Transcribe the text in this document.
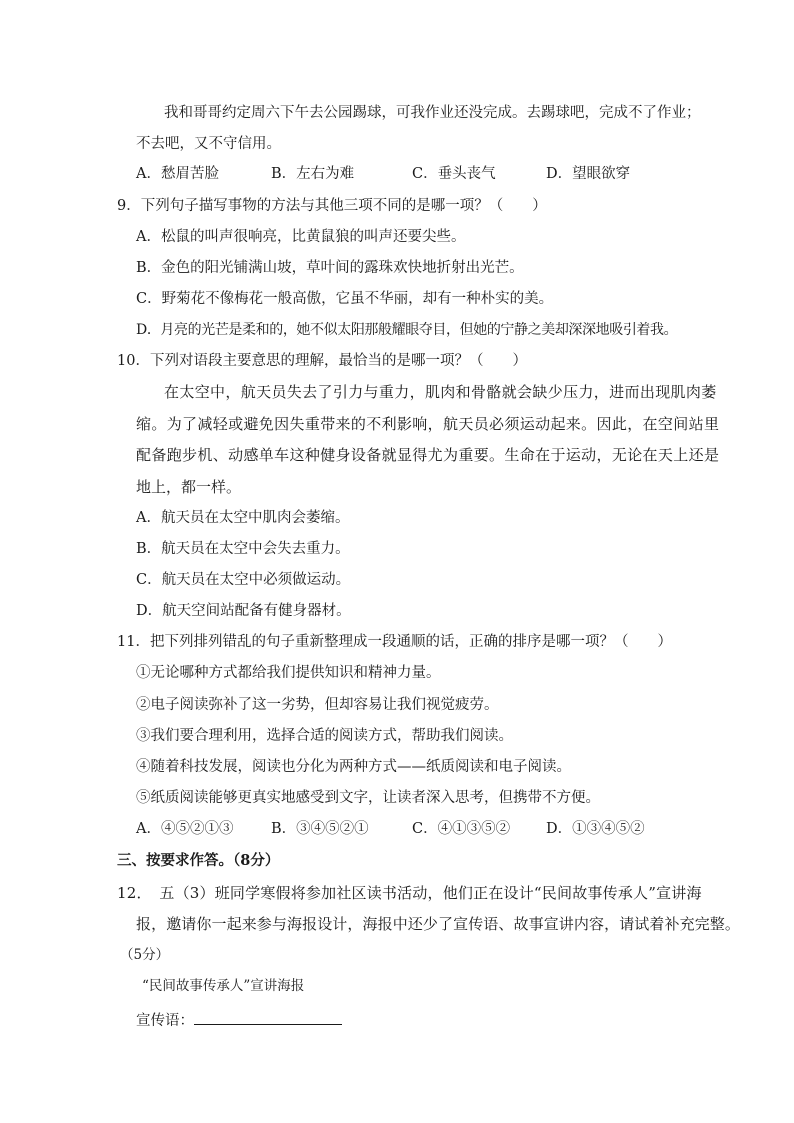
我和哥哥约定周六下午去公园踢球，可我作业还没完成。去踢球吧，完成不了作业；
不去吧，又不守信用。
A．愁眉苦脸	B．左右为难	C．垂头丧气	D．望眼欲穿
9．下列句子描写事物的方法与其他三项不同的是哪一项？（　　）
A．松鼠的叫声很响亮，比黄鼠狼的叫声还要尖些。
B．金色的阳光铺满山坡，草叶间的露珠欢快地折射出光芒。
C．野菊花不像梅花一般高傲，它虽不华丽，却有一种朴实的美。
D．月亮的光芒是柔和的，她不似太阳那般耀眼夺目，但她的宁静之美却深深地吸引着我。
10．下列对语段主要意思的理解，最恰当的是哪一项？（　　）
在太空中，航天员失去了引力与重力，肌肉和骨骼就会缺少压力，进而出现肌肉萎
缩。为了减轻或避免因失重带来的不利影响，航天员必须运动起来。因此，在空间站里
配备跑步机、动感单车这种健身设备就显得尤为重要。生命在于运动，无论在天上还是
地上，都一样。
A．航天员在太空中肌肉会萎缩。
B．航天员在太空中会失去重力。
C．航天员在太空中必须做运动。
D．航天空间站配备有健身器材。
11．把下列排列错乱的句子重新整理成一段通顺的话，正确的排序是哪一项？（　　）
①无论哪种方式都给我们提供知识和精神力量。
②电子阅读弥补了这一劣势，但却容易让我们视觉疲劳。
③我们要合理利用，选择合适的阅读方式，帮助我们阅读。
④随着科技发展，阅读也分化为两种方式——纸质阅读和电子阅读。
⑤纸质阅读能够更真实地感受到文字，让读者深入思考，但携带不方便。
A．④⑤②①③	B．③④⑤②①	C．④①③⑤② D．①③④⑤②
三、按要求作答。（8分）
12．　五（3）班同学寒假将参加社区读书活动，他们正在设计“民间故事传承人”宣讲海
报，邀请你一起来参与海报设计，海报中还少了宣传语、故事宣讲内容，请试着补充完整。
（5分）
“民间故事传承人”宣讲海报
宣传语：
